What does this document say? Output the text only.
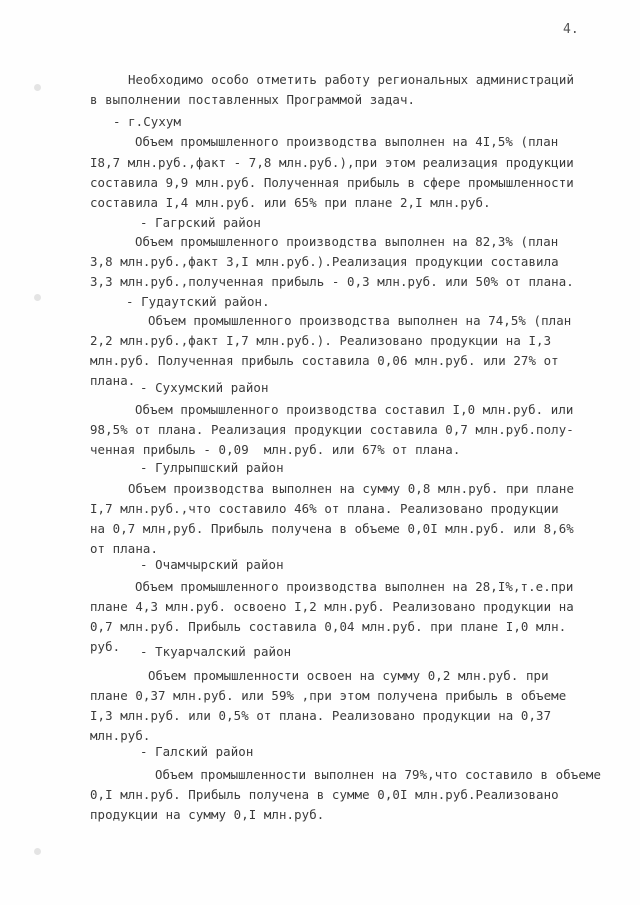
4.
Необходимо особо отметить работу региональных администраций
в выполнении поставленных Программой задач.
- г.Сухум
Объем промышленного производства выполнен на 4I,5% (план
I8,7 млн.руб.,факт - 7,8 млн.руб.),при этом реализация продукции
составила 9,9 млн.руб. Полученная прибыль в сфере промышленности
составила I,4 млн.руб. или 65% при плане 2,I млн.руб.
- Гагрский район
Объем промышленного производства выполнен на 82,3% (план
3,8 млн.руб.,факт 3,I млн.руб.).Реализация продукции составила
3,3 млн.руб.,полученная прибыль - 0,3 млн.руб. или 50% от плана.
- Гудаутский район.
Объем промышленного производства выполнен на 74,5% (план
2,2 млн.руб.,факт I,7 млн.руб.). Реализовано продукции на I,3
млн.руб. Полученная прибыль составила 0,06 млн.руб. или 27% от
плана. - Сухумский район
Объем промышленного производства составил I,0 млн.руб. или
98,5% от плана. Реализация продукции составила 0,7 млн.руб.полу-
ченная прибыль - 0,09  млн.руб. или 67% от плана.
- Гулрыпшский район
Объем производства выполнен на сумму 0,8 млн.руб. при плане
I,7 млн.руб.,что составило 46% от плана. Реализовано продукции
на 0,7 млн,руб. Прибыль получена в объеме 0,0I млн.руб. или 8,6%
от плана.
- Очамчырский район
Объем промышленного производства выполнен на 28,I%,т.е.при
плане 4,3 млн.руб. освоено I,2 млн.руб. Реализовано продукции на
0,7 млн.руб. Прибыль составила 0,04 млн.руб. при плане I,0 млн.
руб. - Ткуарчалский район
Объем промышленности освоен на сумму 0,2 млн.руб. при
плане 0,37 млн.руб. или 59% ,при этом получена прибыль в объеме
I,3 млн.руб. или 0,5% от плана. Реализовано продукции на 0,37
млн.руб.
- Галский район
Объем промышленности выполнен на 79%,что составило в объеме
0,I млн.руб. Прибыль получена в сумме 0,0I млн.руб.Реализовано
продукции на сумму 0,I млн.руб.
